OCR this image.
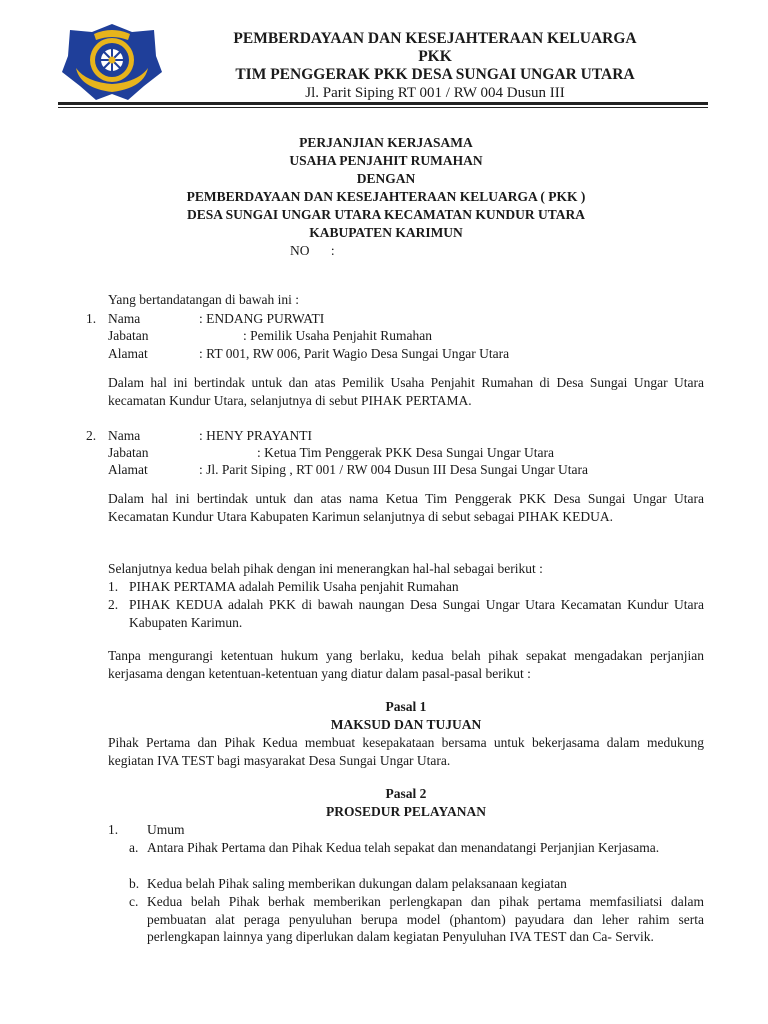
PEMBERDAYAAN DAN KESEJAHTERAAN KELUARGA
PKK
TIM PENGGERAK PKK DESA SUNGAI UNGAR UTARA
Jl. Parit Siping RT 001 / RW 004 Dusun III
PERJANJIAN KERJASAMA
USAHA PENJAHIT RUMAHAN
DENGAN
PEMBERDAYAAN DAN KESEJAHTERAAN KELUARGA ( PKK )
DESA SUNGAI UNGAR UTARA KECAMATAN KUNDUR UTARA
KABUPATEN KARIMUN
NO :
Yang bertandatangan di bawah ini :
1. Nama	: ENDANG PURWATI
Jabatan	: Pemilik Usaha Penjahit Rumahan
Alamat	: RT 001, RW 006, Parit Wagio Desa Sungai Ungar Utara
Dalam hal ini bertindak untuk dan atas Pemilik Usaha Penjahit Rumahan di Desa Sungai Ungar Utara kecamatan Kundur Utara, selanjutnya di sebut PIHAK PERTAMA.
2. Nama	: HENY PRAYANTI
Jabatan	: Ketua Tim Penggerak PKK Desa Sungai Ungar Utara
Alamat	: Jl. Parit Siping , RT 001 / RW 004 Dusun III Desa Sungai Ungar Utara
Dalam hal ini bertindak untuk dan atas nama Ketua Tim Penggerak PKK Desa Sungai Ungar Utara Kecamatan Kundur Utara Kabupaten Karimun selanjutnya di sebut sebagai PIHAK KEDUA.
Selanjutnya kedua belah pihak dengan ini menerangkan hal-hal sebagai berikut :
1. PIHAK PERTAMA adalah Pemilik Usaha penjahit Rumahan
2. PIHAK KEDUA adalah PKK di bawah naungan Desa Sungai Ungar Utara Kecamatan Kundur Utara Kabupaten Karimun.
Tanpa mengurangi ketentuan hukum yang berlaku, kedua belah pihak sepakat mengadakan perjanjian kerjasama dengan ketentuan-ketentuan yang diatur dalam pasal-pasal berikut :
Pasal 1
MAKSUD DAN TUJUAN
Pihak Pertama dan Pihak Kedua membuat kesepakataan bersama untuk bekerjasama dalam medukung kegiatan IVA TEST bagi masyarakat Desa Sungai Ungar Utara.
Pasal 2
PROSEDUR PELAYANAN
1. Umum
a. Antara Pihak Pertama dan Pihak Kedua telah sepakat dan menandatangi Perjanjian Kerjasama.
b. Kedua belah Pihak saling memberikan dukungan dalam pelaksanaan kegiatan
c. Kedua belah Pihak berhak memberikan perlengkapan dan pihak pertama memfasiliatsi dalam pembuatan alat peraga penyuluhan berupa model (phantom) payudara dan leher rahim serta perlengkapan lainnya yang diperlukan dalam kegiatan Penyuluhan IVA TEST dan Ca- Servik.
